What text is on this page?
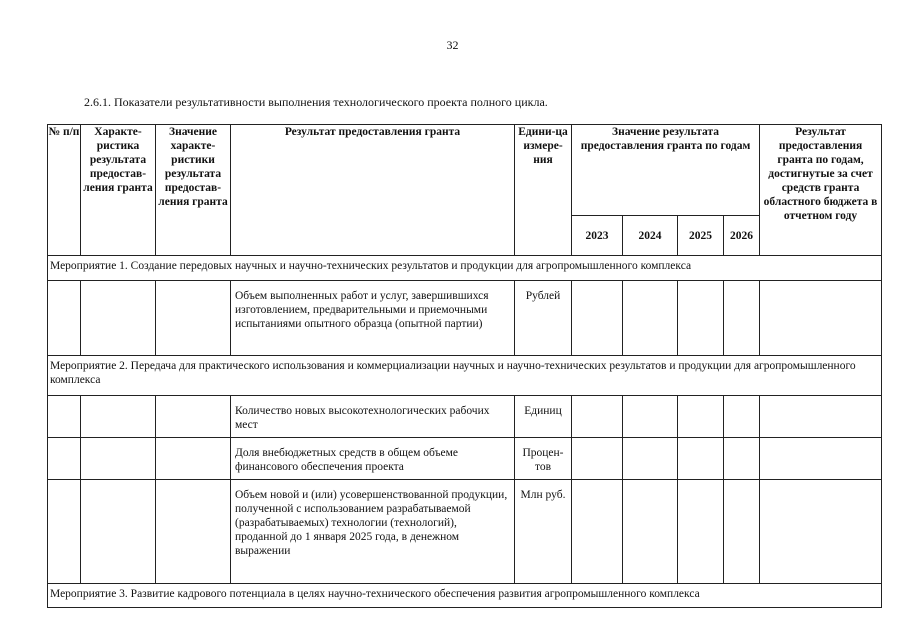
32
2.6.1. Показатели результативности выполнения технологического проекта полного цикла.
№ п/п	Характе-ристика результата предостав-ления гранта	Значение характе-ристики результата предостав-ления гранта	Результат предоставления гранта	Едини-ца измере-ния	Значение результата предоставления гранта по годам				Результат предоставления гранта по годам, достигнутые за счет средств гранта областного бюджета в отчетном году
					2023	2024	2025	2026	
Мероприятие 1. Создание передовых научных и научно-технических результатов и продукции для агропромышленного комплекса									
			Объем выполненных работ и услуг, завершившихся изготовлением, предварительными и приемочными испытаниями опытного образца (опытной партии)	Рублей					
Мероприятие 2. Передача для практического использования и коммерциализации научных и научно-технических результатов и продукции для агропромышленного комплекса									
			Количество новых высокотехнологических рабочих мест	Единиц					
			Доля внебюджетных средств в общем объеме финансового обеспечения проекта	Процен-тов					
			Объем новой и (или) усовершенствованной продукции, полученной с использованием разрабатываемой (разрабатываемых) технологии (технологий), проданной до 1 января 2025 года, в денежном выражении	Млн руб.					
Мероприятие 3. Развитие кадрового потенциала в целях научно-технического обеспечения развития агропромышленного комплекса									
